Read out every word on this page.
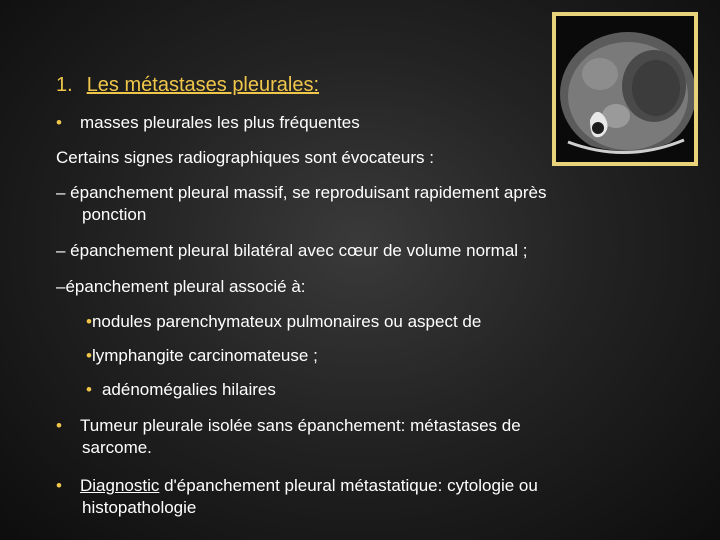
1. Les métastases pleurales:
• masses pleurales les plus fréquentes
Certains signes radiographiques sont évocateurs :
– épanchement pleural massif, se reproduisant rapidement après
ponction
– épanchement pleural bilatéral avec cœur de volume normal ;
–épanchement pleural associé à:
•nodules parenchymateux pulmonaires ou aspect de
•lymphangite carcinomateuse ;
• adénomégalies hilaires
• Tumeur pleurale isolée sans épanchement: métastases de
sarcome.
• Diagnostic d'épanchement pleural métastatique: cytologie ou
histopathologie
